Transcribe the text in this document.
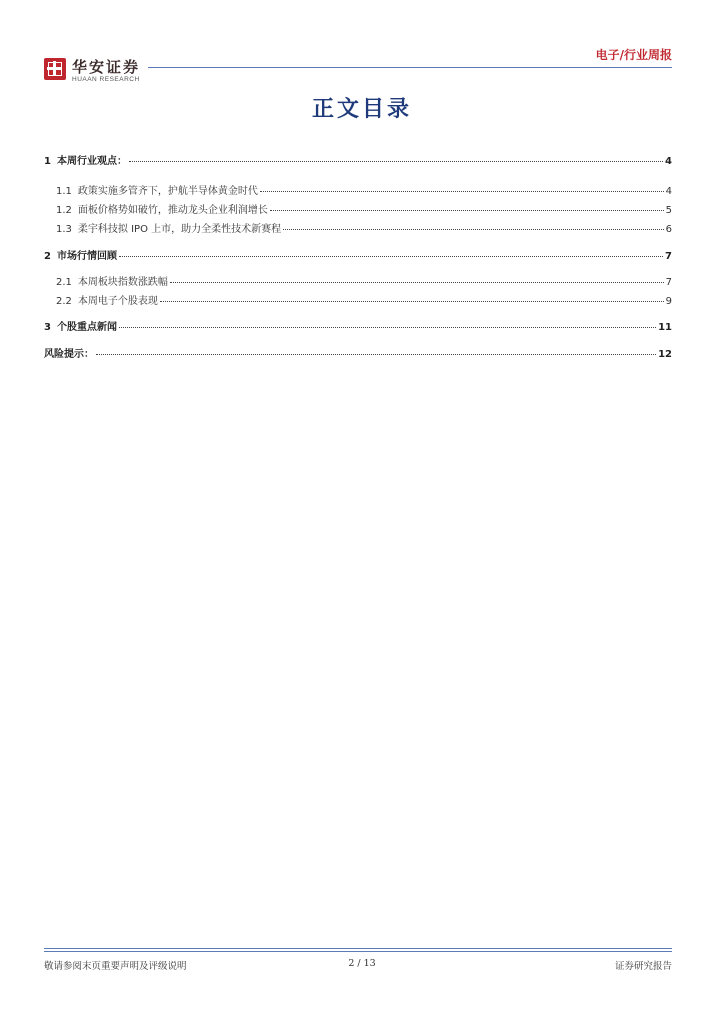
华安证券
HUAAN RESEARCH
电子/行业周报
正文目录
1 本周行业观点：	4
1.1 政策实施多管齐下，护航半导体黄金时代	4
1.2 面板价格势如破竹，推动龙头企业利润增长	5
1.3 柔宇科技拟 IPO 上市，助力全柔性技术新赛程	6
2 市场行情回顾	7
2.1 本周板块指数涨跌幅	7
2.2 本周电子个股表现	9
3 个股重点新闻	11
风险提示：	12
敬请参阅末页重要声明及评级说明	2 / 13	证券研究报告
